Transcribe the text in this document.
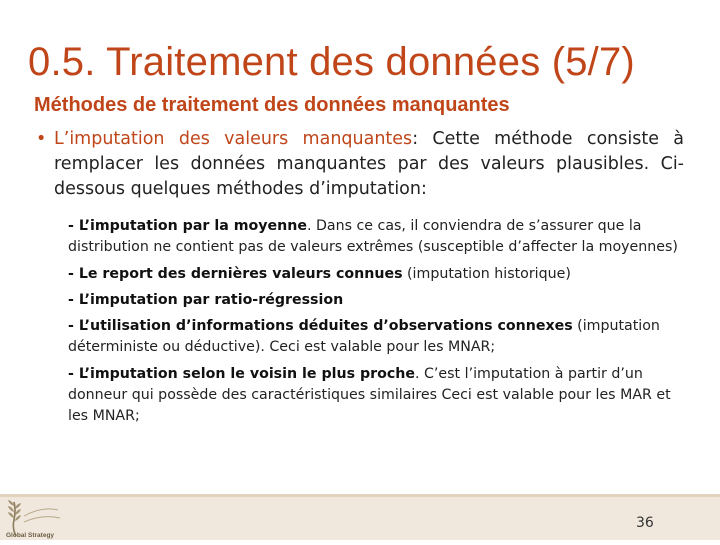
0.5. Traitement des données (5/7)
Méthodes de traitement des données manquantes
• L’imputation des valeurs manquantes: Cette méthode consiste à remplacer les données manquantes par des valeurs plausibles. Ci-dessous quelques méthodes d’imputation:
- L’imputation par la moyenne. Dans ce cas, il conviendra de s’assurer que la distribution ne contient pas de valeurs extrêmes (susceptible d’affecter la moyennes)
- Le report des dernières valeurs connues (imputation historique)
- L’imputation par ratio-régression
- L’utilisation d’informations déduites d’observations connexes (imputation déterministe ou déductive). Ceci est valable pour les MNAR;
- L’imputation selon le voisin le plus proche. C’est l’imputation à partir d’un donneur qui possède des caractéristiques similaires Ceci est valable pour les MAR et les MNAR;
Global Strategy
36
